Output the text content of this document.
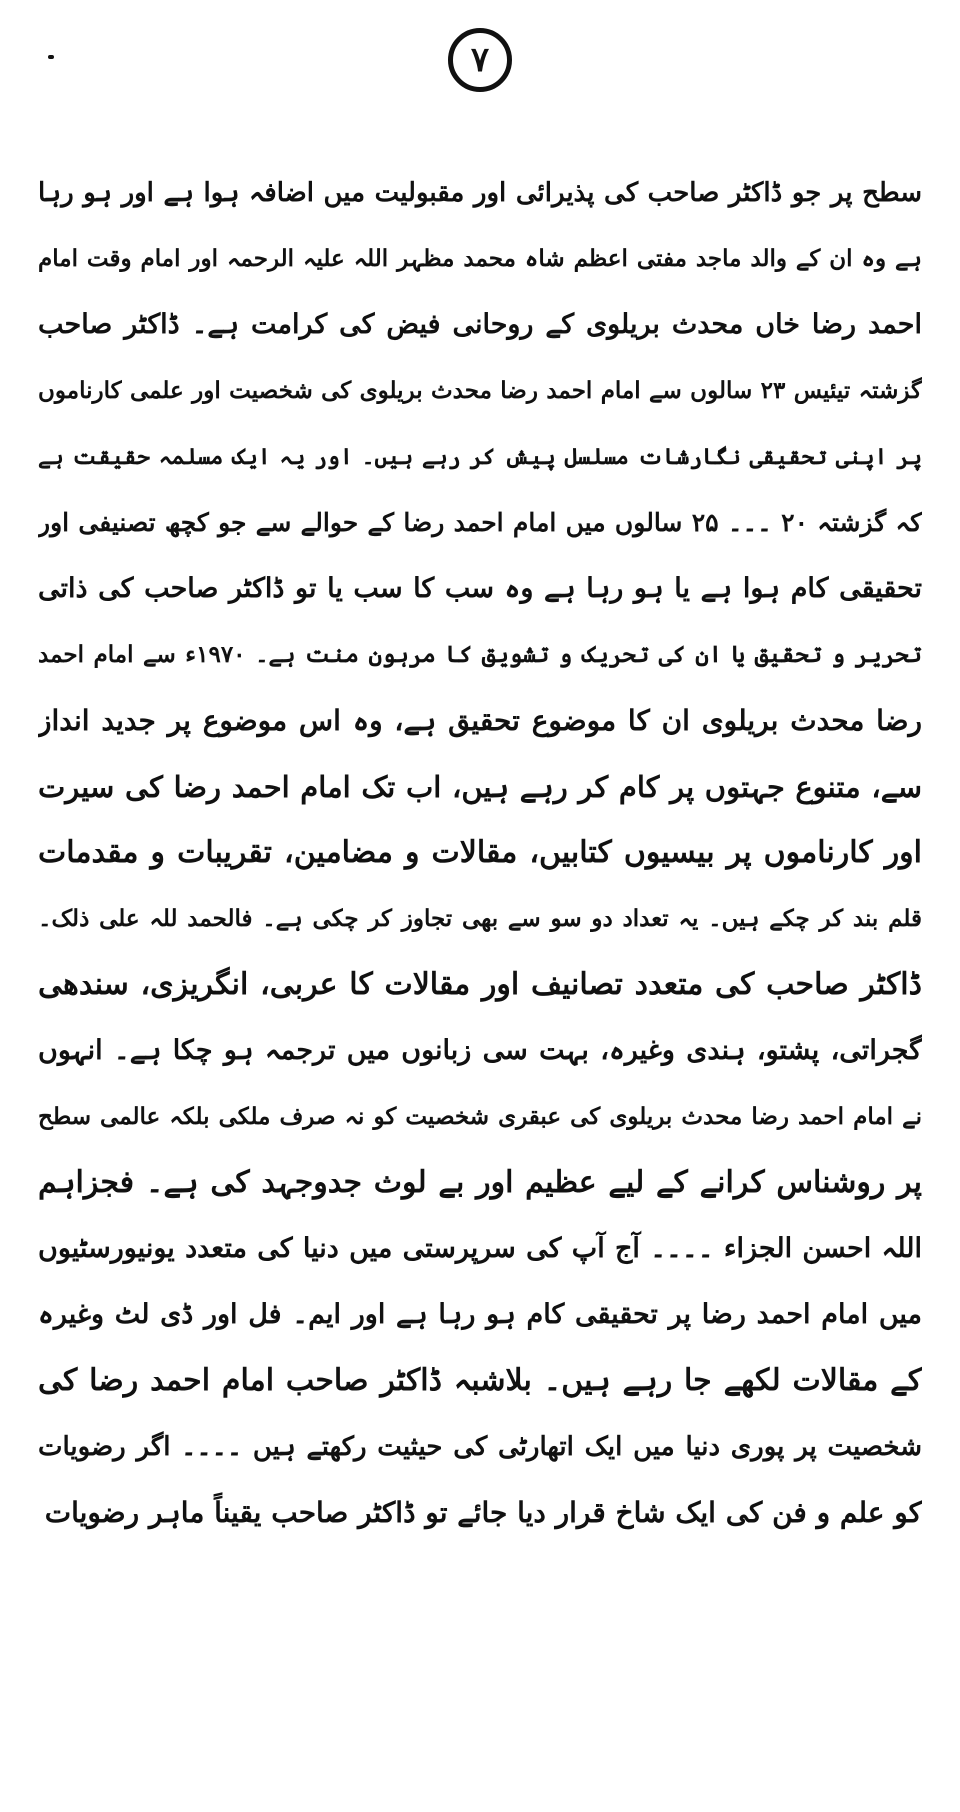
۷
سطح پر جو ڈاکٹر صاحب کی پذیرائی اور مقبولیت میں اضافہ ہوا ہے اور ہو رہا
ہے وہ ان کے والد ماجد مفتی اعظم شاہ محمد مظہر اللہ علیہ الرحمہ اور امام وقت امام
احمد رضا خاں محدث بریلوی کے روحانی فیض کی کرامت ہے۔ ڈاکٹر صاحب
گزشتہ تیئیس ۲۳ سالوں سے امام احمد رضا محدث بریلوی کی شخصیت اور علمی کارناموں
پر اپنی تحقیقی نگارشات مسلسل پیش کر رہے ہیں۔ اور یہ ایک مسلمہ حقیقت ہے
کہ گزشتہ ۲۰ ۔۔۔ ۲۵ سالوں میں امام احمد رضا کے حوالے سے جو کچھ تصنیفی اور
تحقیقی کام ہوا ہے یا ہو رہا ہے وہ سب کا سب یا تو ڈاکٹر صاحب کی ذاتی
تحریر و تحقیق یا ان کی تحریک و تشویق کا مرہون منت ہے۔ ۱۹۷۰ء سے امام احمد
رضا محدث بریلوی ان کا موضوع تحقیق ہے، وہ اس موضوع پر جدید انداز
سے، متنوع جہتوں پر کام کر رہے ہیں، اب تک امام احمد رضا کی سیرت
اور کارناموں پر بیسیوں کتابیں، مقالات و مضامین، تقریبات و مقدمات
قلم بند کر چکے ہیں۔ یہ تعداد دو سو سے بھی تجاوز کر چکی ہے۔ فالحمد للہ علی ذلک۔
ڈاکٹر صاحب کی متعدد تصانیف اور مقالات کا عربی، انگریزی، سندھی
گجراتی، پشتو، ہندی وغیرہ، بہت سی زبانوں میں ترجمہ ہو چکا ہے۔ انہوں
نے امام احمد رضا محدث بریلوی کی عبقری شخصیت کو نہ صرف ملکی بلکہ عالمی سطح
پر روشناس کرانے کے لیے عظیم اور بے لوث جدوجہد کی ہے۔ فجزاہم
اللہ احسن الجزاء ۔۔۔۔ آج آپ کی سرپرستی میں دنیا کی متعدد یونیورسٹیوں
میں امام احمد رضا پر تحقیقی کام ہو رہا ہے اور ایم۔ فل اور ڈی لٹ وغیرہ
کے مقالات لکھے جا رہے ہیں۔ بلاشبہ ڈاکٹر صاحب امام احمد رضا کی
شخصیت پر پوری دنیا میں ایک اتھارٹی کی حیثیت رکھتے ہیں ۔۔۔۔ اگر رضویات
کو علم و فن کی ایک شاخ قرار دیا جائے تو ڈاکٹر صاحب یقیناً ماہر رضویات
